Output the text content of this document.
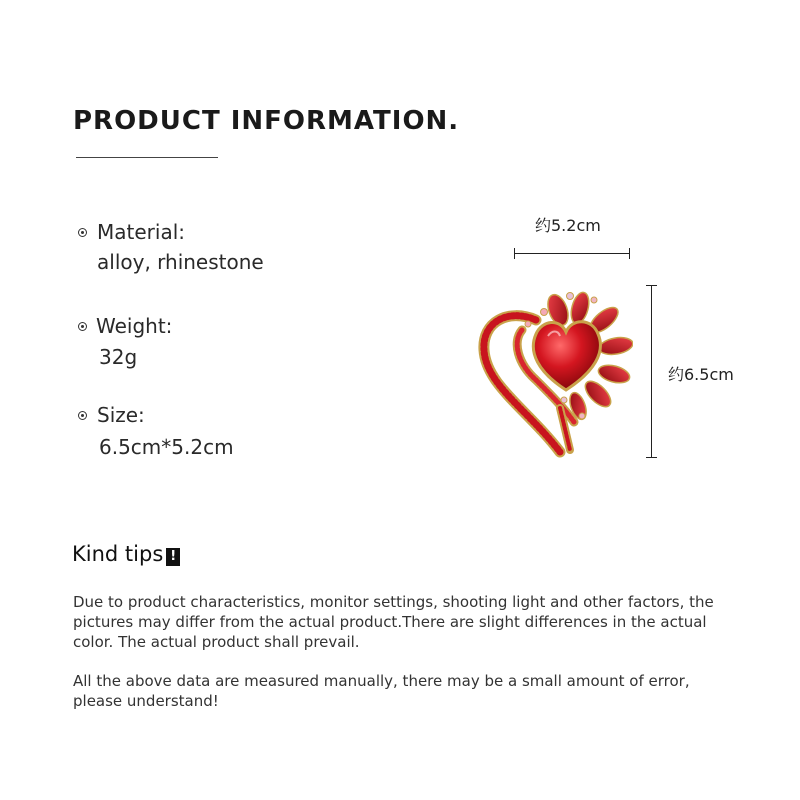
PRODUCT INFORMATION.
Material:
alloy, rhinestone
Weight:
32g
Size:
6.5cm*5.2cm
约5.2cm
约6.5cm
Kind tips !
Due to product characteristics, monitor settings, shooting light and other factors, the pictures may differ from the actual product.There are slight differences in the actual color. The actual product shall prevail.
All the above data are measured manually, there may be a small amount of error, please understand!
